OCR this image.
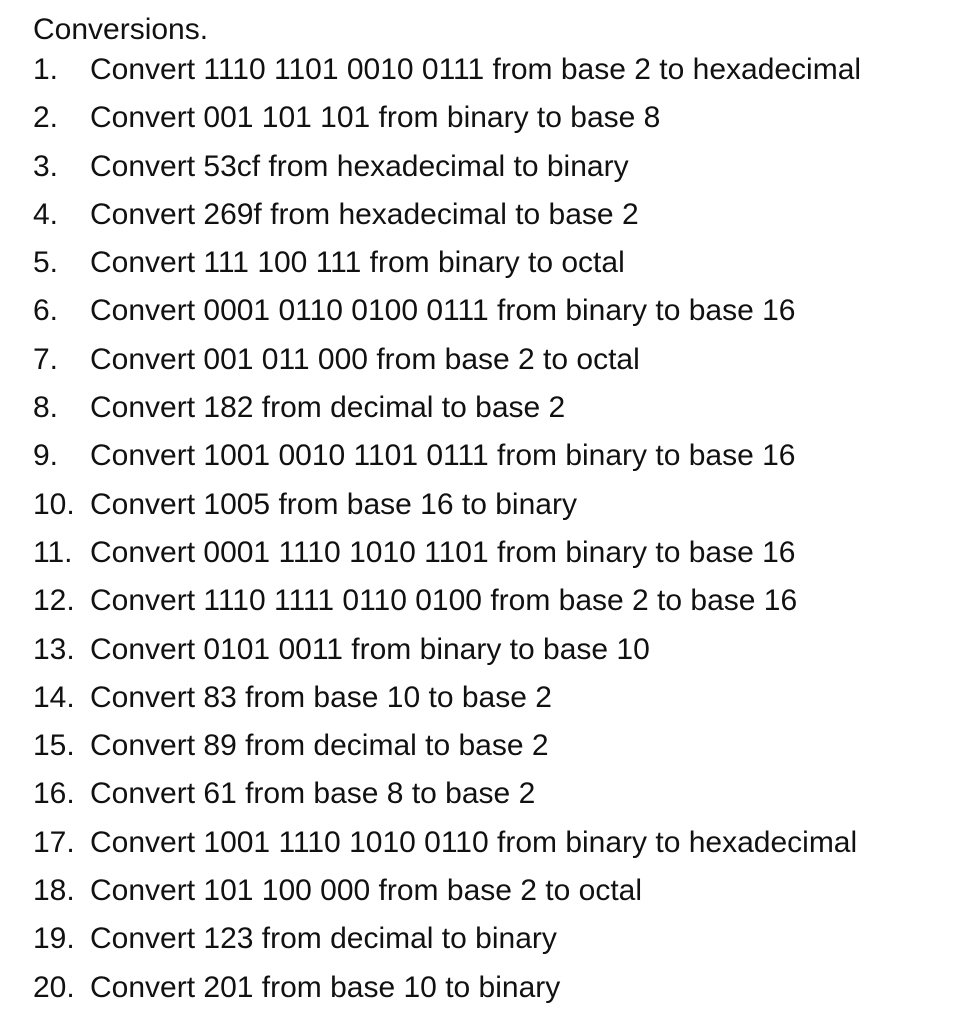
Conversions.
1.	Convert 1110 1101 0010 0111 from base 2 to hexadecimal
2.	Convert 001 101 101 from binary to base 8
3.	Convert 53cf from hexadecimal to binary
4.	Convert 269f from hexadecimal to base 2
5.	Convert 111 100 111 from binary to octal
6.	Convert 0001 0110 0100 0111 from binary to base 16
7.	Convert 001 011 000 from base 2 to octal
8.	Convert 182 from decimal to base 2
9.	Convert 1001 0010 1101 0111 from binary to base 16
10. Convert 1005 from base 16 to binary
11. Convert 0001 1110 1010 1101 from binary to base 16
12. Convert 1110 1111 0110 0100 from base 2 to base 16
13. Convert 0101 0011 from binary to base 10
14. Convert 83 from base 10 to base 2
15. Convert 89 from decimal to base 2
16. Convert 61 from base 8 to base 2
17. Convert 1001 1110 1010 0110 from binary to hexadecimal
18. Convert 101 100 000 from base 2 to octal
19. Convert 123 from decimal to binary
20. Convert 201 from base 10 to binary
